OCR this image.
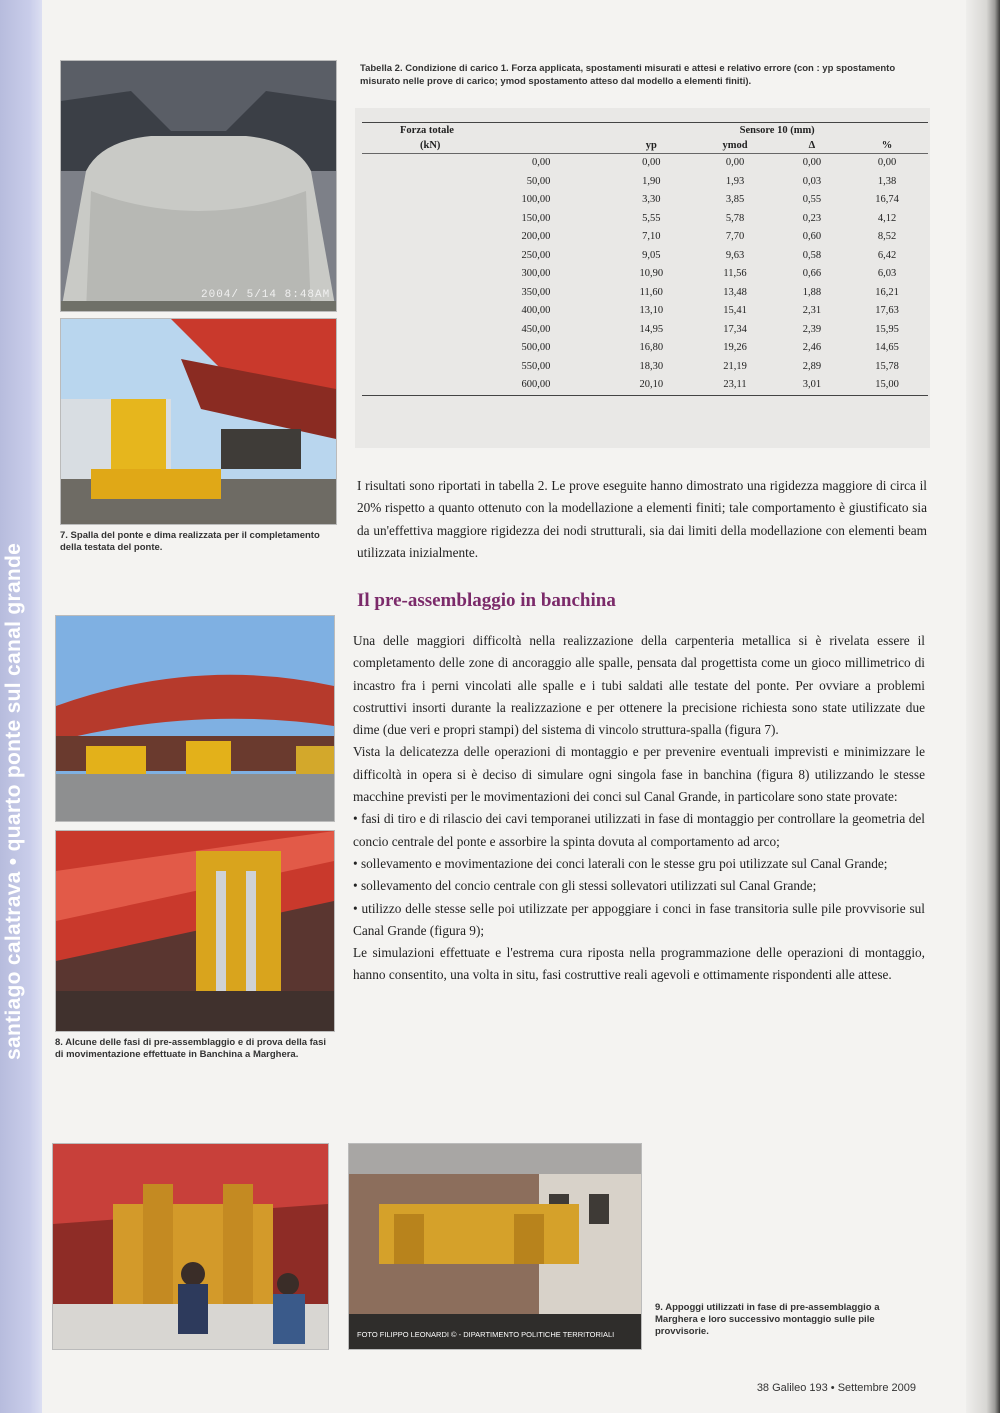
2004/ 5/14 8:48AM
7. Spalla del ponte e dima realizzata per il completamento della testata del ponte.
8. Alcune delle fasi di pre-assemblaggio e di prova della fasi di movimentazione effettuate in Banchina a Marghera.
FOTO FILIPPO LEONARDI © - DIPARTIMENTO POLITICHE TERRITORIALI
9. Appoggi utilizzati in fase di pre-assemblaggio a Marghera e loro successivo montaggio sulle pile provvisorie.
Tabella 2. Condizione di carico 1. Forza applicata, spostamenti misurati e attesi e relativo errore (con : yp spostamento misurato nelle prove di carico; ymod spostamento atteso dal modello a elementi finiti).
Forza totale	Sensore 10 (mm)			
(kN)	yp	ymod	Δ	%
0,00	0,00	0,00	0,00	0,00
50,00	1,90	1,93	0,03	1,38
100,00	3,30	3,85	0,55	16,74
150,00	5,55	5,78	0,23	4,12
200,00	7,10	7,70	0,60	8,52
250,00	9,05	9,63	0,58	6,42
300,00	10,90	11,56	0,66	6,03
350,00	11,60	13,48	1,88	16,21
400,00	13,10	15,41	2,31	17,63
450,00	14,95	17,34	2,39	15,95
500,00	16,80	19,26	2,46	14,65
550,00	18,30	21,19	2,89	15,78
600,00	20,10	23,11	3,01	15,00

I risultati sono riportati in tabella 2. Le prove eseguite hanno dimostrato una rigidezza maggiore di circa il 20% rispetto a quanto ottenuto con la modellazione a elementi finiti; tale comportamento è giustificato sia da un'effettiva maggiore rigidezza dei nodi strutturali, sia dai limiti della modellazione con elementi beam utilizzata inizialmente.

Il pre-assemblaggio in banchina

Una delle maggiori difficoltà nella realizzazione della carpenteria metallica si è rivelata essere il completamento delle zone di ancoraggio alle spalle, pensata dal progettista come un gioco millimetrico di incastro fra i perni vincolati alle spalle e i tubi saldati alle testate del ponte. Per ovviare a problemi costruttivi insorti durante la realizzazione e per ottenere la precisione richiesta sono state utilizzate due dime (due veri e propri stampi) del sistema di vincolo struttura-spalla (figura 7).

Vista la delicatezza delle operazioni di montaggio e per prevenire eventuali imprevisti e minimizzare le difficoltà in opera si è deciso di simulare ogni singola fase in banchina (figura 8) utilizzando le stesse macchine previsti per le movimentazioni dei conci sul Canal Grande, in particolare sono state provate:

• fasi di tiro e di rilascio dei cavi temporanei utilizzati in fase di montaggio per controllare la geometria del concio centrale del ponte e assorbire la spinta dovuta al comportamento ad arco;

• sollevamento e movimentazione dei conci laterali con le stesse gru poi utilizzate sul Canal Grande;

• sollevamento del concio centrale con gli stessi sollevatori utilizzati sul Canal Grande;

• utilizzo delle stesse selle poi utilizzate per appoggiare i conci in fase transitoria sulle pile provvisorie sul Canal Grande (figura 9);

Le simulazioni effettuate e l'estrema cura riposta nella programmazione delle operazioni di montaggio, hanno consentito, una volta in situ, fasi costruttive reali agevoli e ottimamente rispondenti alle attese.

38 Galileo 193 • Settembre 2009
